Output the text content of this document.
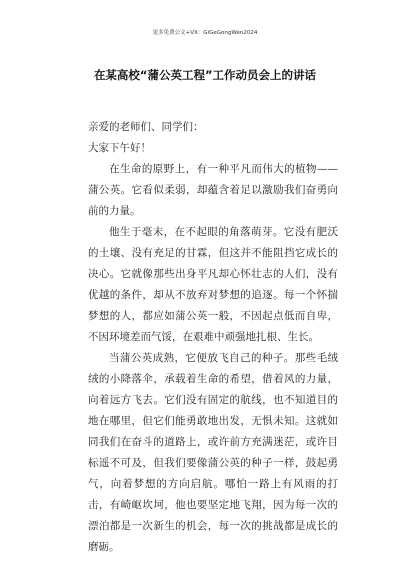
更多免费公文+VX：GiGeGongWen2024
在某高校“蒲公英工程”工作动员会上的讲话

亲爱的老师们、同学们：

大家下午好！

在生命的原野上，有一种平凡而伟大的植物——蒲公英。它看似柔弱，却蕴含着足以激励我们奋勇向前的力量。

他生于毫末，在不起眼的角落萌芽。它没有肥沃的土壤、没有充足的甘霖，但这并不能阻挡它成长的决心。它就像那些出身平凡却心怀壮志的人们，没有优越的条件，却从不放弃对梦想的追逐。每一个怀揣梦想的人，都应如蒲公英一般，不因起点低而自卑，不因环境差而气馁，在艰难中顽强地扎根、生长。

当蒲公英成熟，它便放飞自己的种子。那些毛绒绒的小降落伞，承载着生命的希望，借着风的力量，向着远方飞去。它们没有固定的航线，也不知道目的地在哪里，但它们能勇敢地出发，无惧未知。这就如同我们在奋斗的道路上，或许前方充满迷茫，或许目标遥不可及，但我们要像蒲公英的种子一样，鼓起勇气，向着梦想的方向启航。哪怕一路上有风雨的打击，有崎岖坎坷，他也要坚定地飞翔，因为每一次的漂泊都是一次新生的机会，每一次的挑战都是成长的磨砺。
